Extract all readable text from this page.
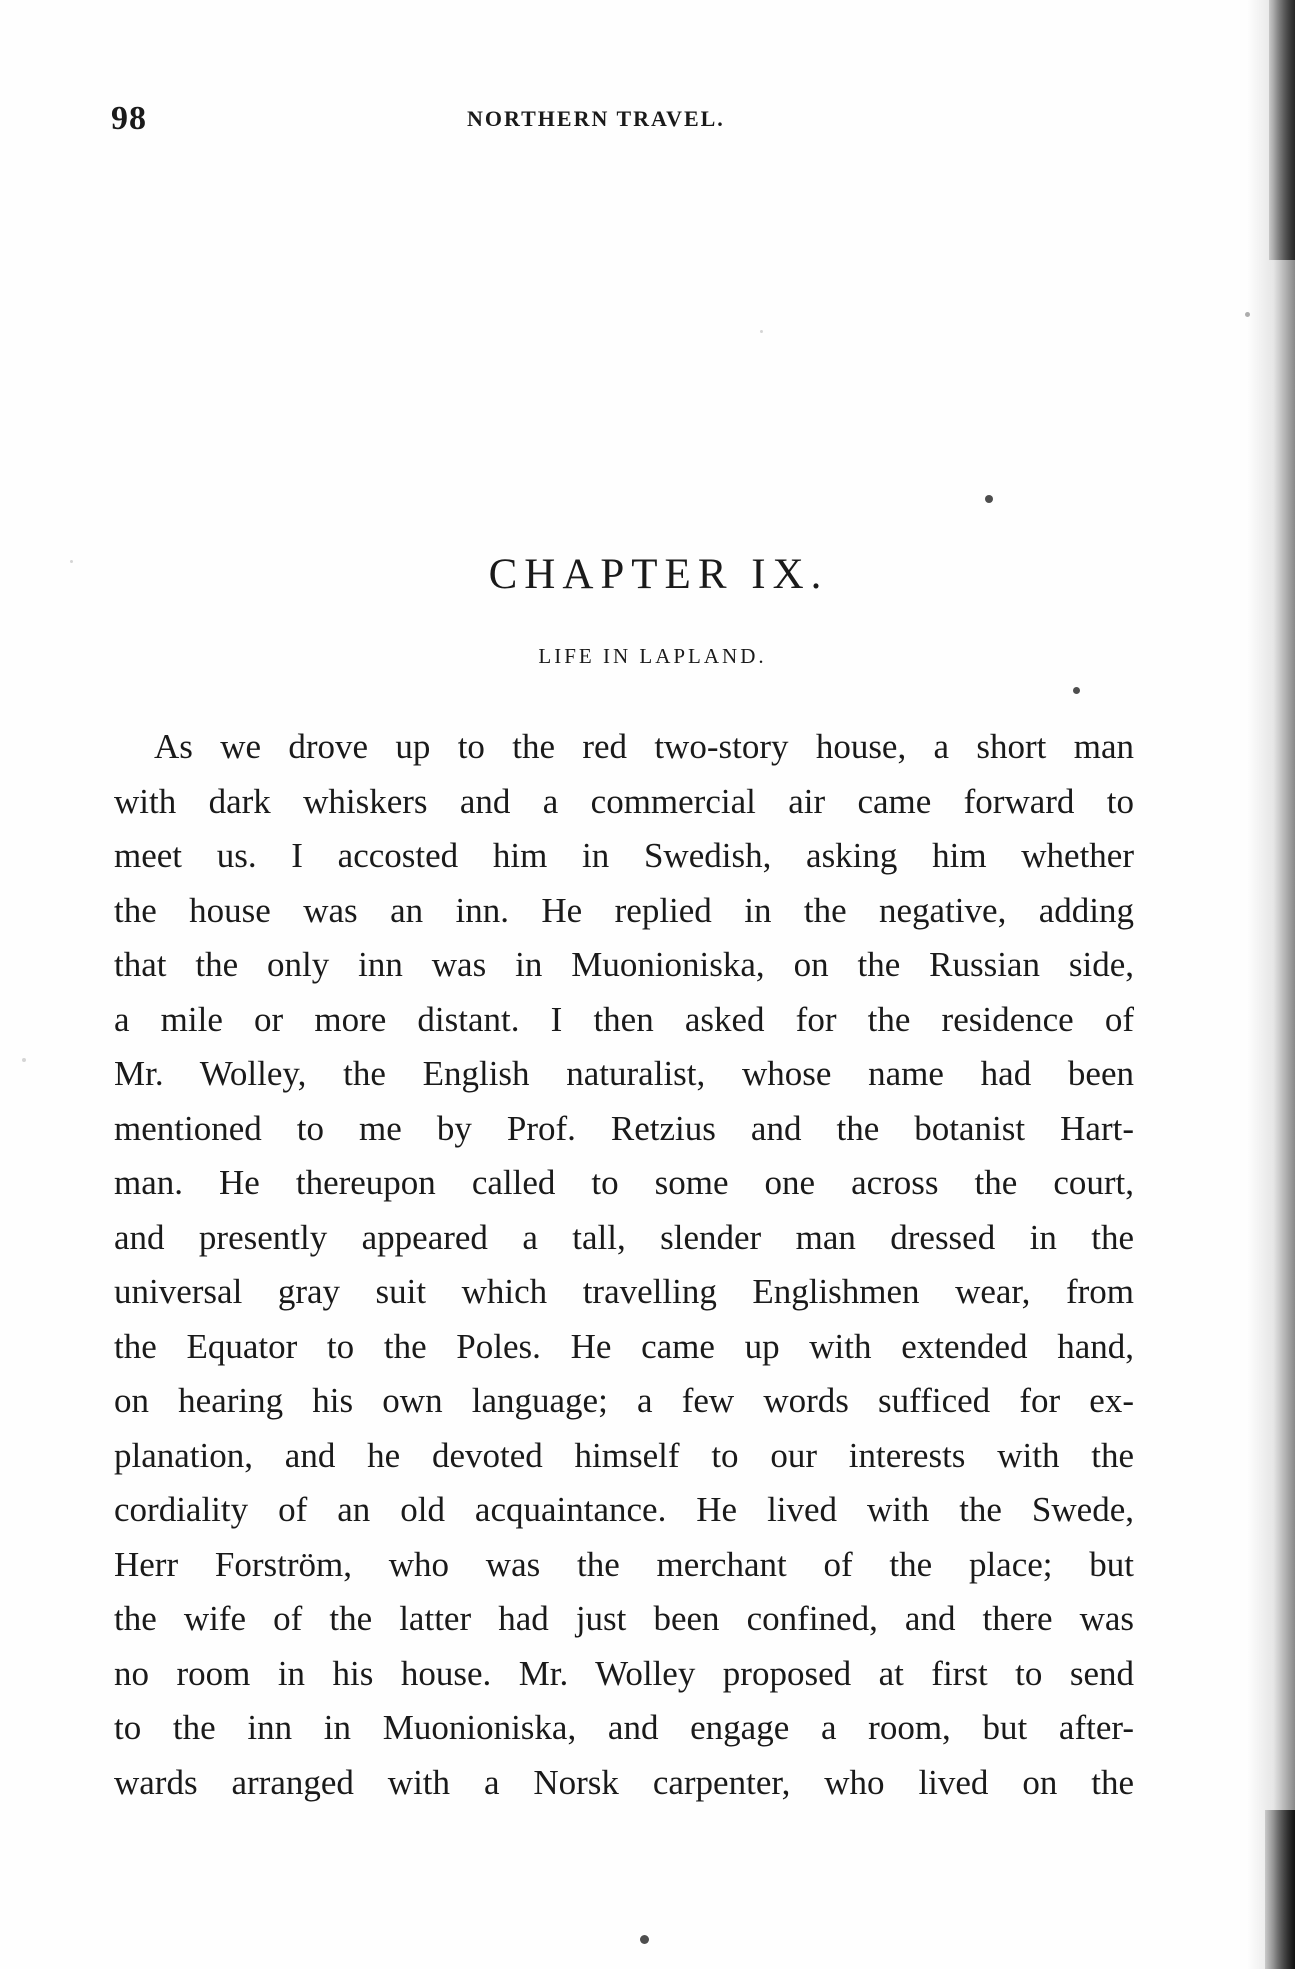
98	NORTHERN TRAVEL.
CHAPTER IX.
LIFE IN LAPLAND.
As we drove up to the red two-story house, a short man
with dark whiskers and a commercial air came forward to
meet us. I accosted him in Swedish, asking him whether
the house was an inn. He replied in the negative, adding
that the only inn was in Muonioniska, on the Russian side,
a mile or more distant. I then asked for the residence of
Mr. Wolley, the English naturalist, whose name had been
mentioned to me by Prof. Retzius and the botanist Hart-
man. He thereupon called to some one across the court,
and presently appeared a tall, slender man dressed in the
universal gray suit which travelling Englishmen wear, from
the Equator to the Poles. He came up with extended hand,
on hearing his own language; a few words sufficed for ex-
planation, and he devoted himself to our interests with the
cordiality of an old acquaintance. He lived with the Swede,
Herr Forström, who was the merchant of the place; but
the wife of the latter had just been confined, and there was
no room in his house. Mr. Wolley proposed at first to send
to the inn in Muonioniska, and engage a room, but after-
wards arranged with a Norsk carpenter, who lived on the
